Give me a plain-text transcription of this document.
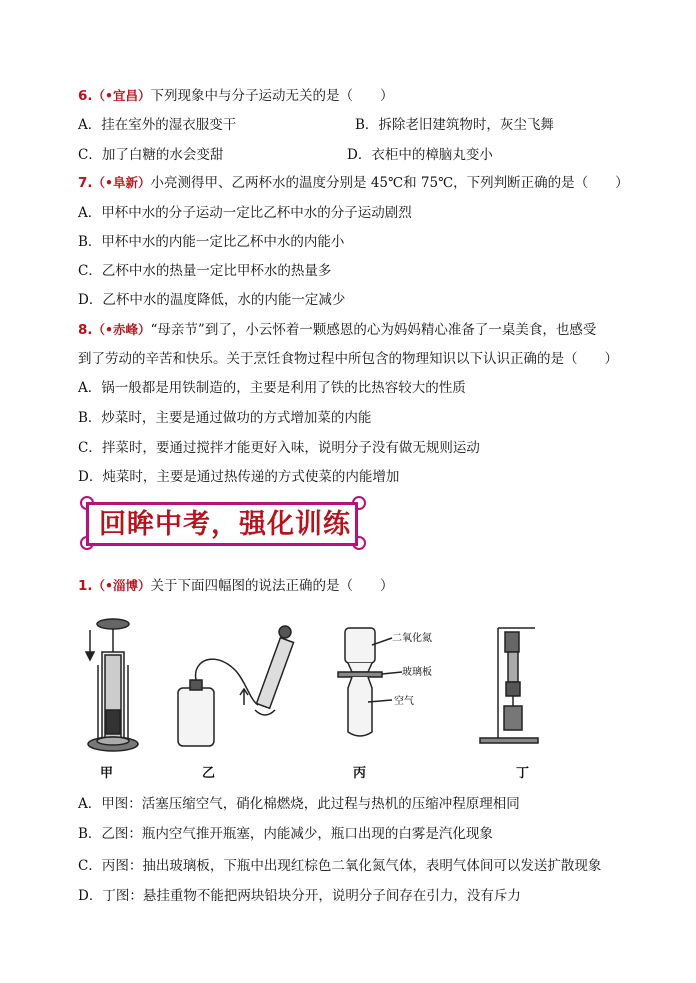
6.（•宜昌）下列现象中与分子运动无关的是（　　）
A．挂在室外的湿衣服变干	B．拆除老旧建筑物时，灰尘飞舞
C．加了白糖的水会变甜	D．衣柜中的樟脑丸变小
7.（•阜新）小亮测得甲、乙两杯水的温度分别是 45℃和 75℃，下列判断正确的是（　　）
A．甲杯中水的分子运动一定比乙杯中水的分子运动剧烈
B．甲杯中水的内能一定比乙杯中水的内能小
C．乙杯中水的热量一定比甲杯水的热量多
D．乙杯中水的温度降低，水的内能一定减少
8.（•赤峰）“母亲节”到了，小云怀着一颗感恩的心为妈妈精心准备了一桌美食，也感受
到了劳动的辛苦和快乐。关于烹饪食物过程中所包含的物理知识以下认识正确的是（　　）
A．锅一般都是用铁制造的，主要是利用了铁的比热容较大的性质
B．炒菜时，主要是通过做功的方式增加菜的内能
C．拌菜时，要通过搅拌才能更好入味，说明分子没有做无规则运动
D．炖菜时，主要是通过热传递的方式使菜的内能增加
回眸中考，强化训练
1.（•淄博）关于下面四幅图的说法正确的是（　　）
二氧化氮
玻璃板
空气
甲	乙	丙	丁
A．甲图：活塞压缩空气，硝化棉燃烧，此过程与热机的压缩冲程原理相同
B．乙图：瓶内空气推开瓶塞，内能减少，瓶口出现的白雾是汽化现象
C．丙图：抽出玻璃板，下瓶中出现红棕色二氧化氮气体，表明气体间可以发送扩散现象
D．丁图：悬挂重物不能把两块铅块分开，说明分子间存在引力，没有斥力
